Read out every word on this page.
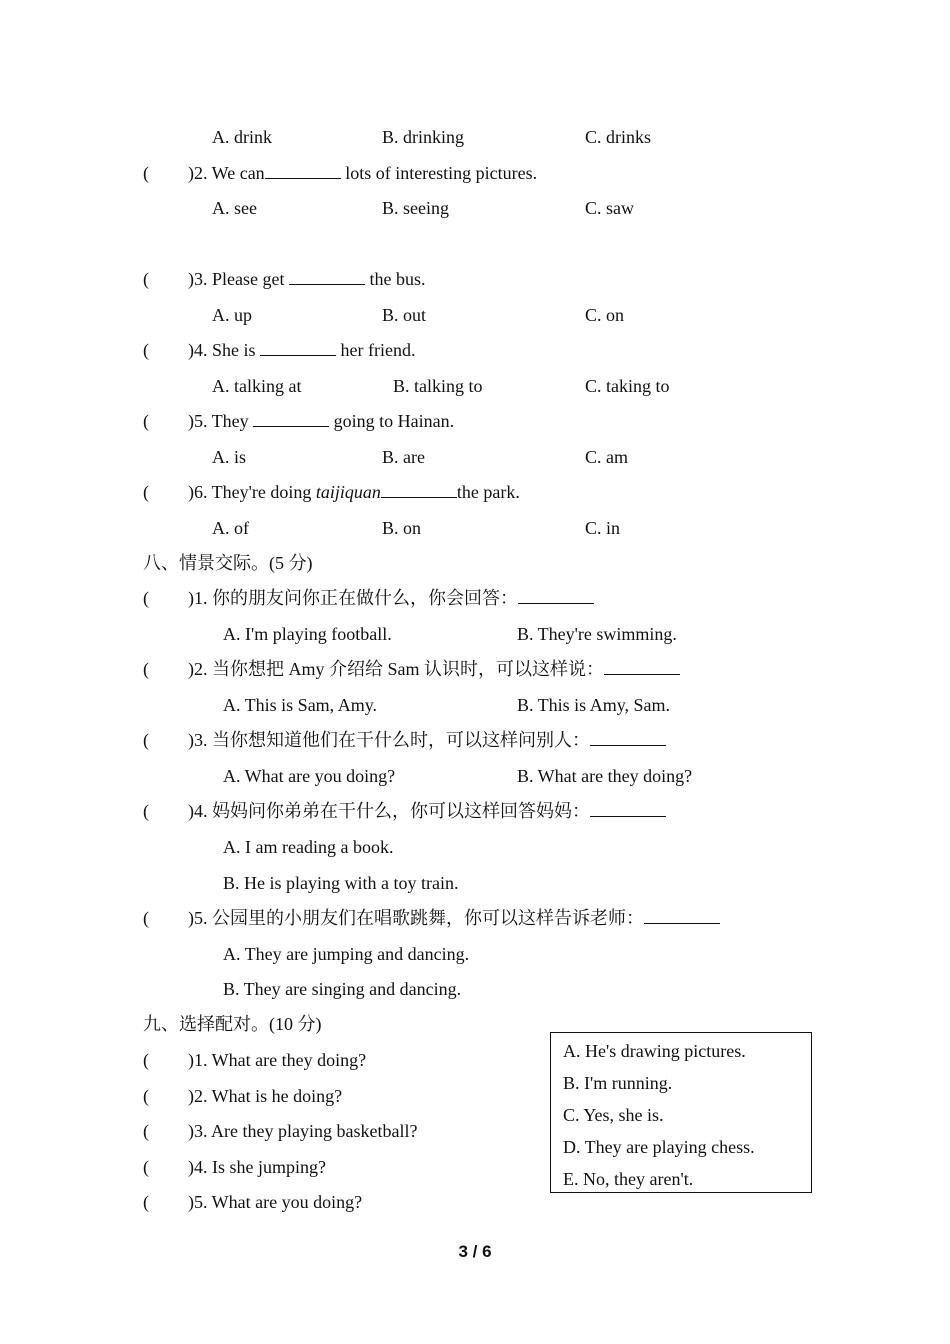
A. drink	B. drinking	C. drinks
( )2. We can	lots of interesting pictures.
A. see	B. seeing	C. saw
( )3. Please get	the bus.
A. up	B. out	C. on
( )4. She is	her friend.
A. talking at	B. talking to	C. taking to
( )5. They	going to Hainan.
A. is	B. are	C. am
( )6. They're doing taijiquan	the park.
A. of	B. on	C. in
八、情景交际。(5 分)
( )1. 你的朋友问你正在做什么，你会回答：
A. I'm playing football.	B. They're swimming.
( )2. 当你想把 Amy 介绍给 Sam 认识时，可以这样说：
A. This is Sam, Amy.	B. This is Amy, Sam.
( )3. 当你想知道他们在干什么时，可以这样问别人：
A. What are you doing?	B. What are they doing?
( )4. 妈妈问你弟弟在干什么，你可以这样回答妈妈：
A. I am reading a book.
B. He is playing with a toy train.
( )5. 公园里的小朋友们在唱歌跳舞，你可以这样告诉老师：
A. They are jumping and dancing.
B. They are singing and dancing.
九、选择配对。(10 分)
( )1. What are they doing?
( )2. What is he doing?
( )3. Are they playing basketball?
( )4. Is she jumping?
( )5. What are you doing?
A. He's drawing pictures.
B. I'm running.
C. Yes, she is.
D. They are playing chess.
E. No, they aren't.
3 / 6
